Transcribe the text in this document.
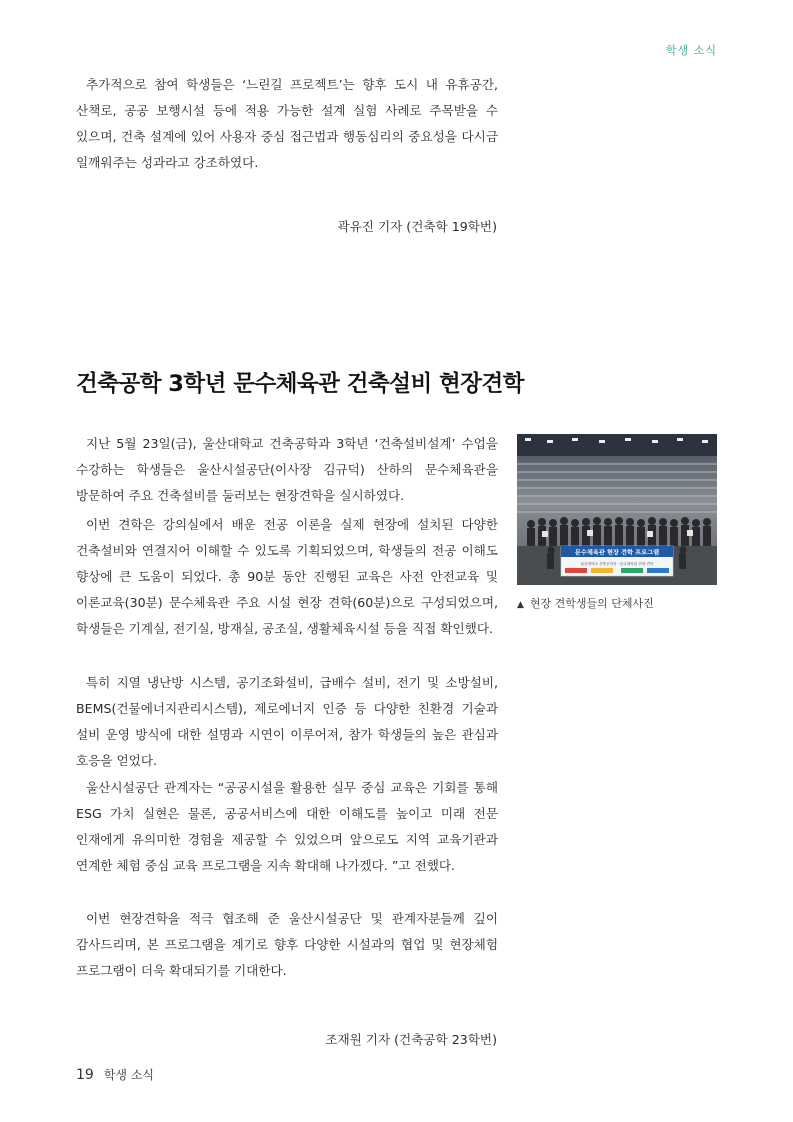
학생 소식

추가적으로 참여 학생들은 ‘느린길 프로젝트’는 향후 도시 내 유휴공간, 산책로, 공공 보행시설 등에 적용 가능한 설계 실험 사례로 주목받을 수 있으며, 건축 설계에 있어 사용자 중심 접근법과 행동심리의 중요성을 다시금 일깨워주는 성과라고 강조하였다.

곽유진 기자 (건축학 19학번)
건축공학 3학년 문수체육관 건축설비 현장견학

지난 5월 23일(금), 울산대학교 건축공학과 3학년 ‘건축설비설계’ 수업을 수강하는 학생들은 울산시설공단(이사장 김규덕) 산하의 문수체육관을 방문하여 주요 건축설비를 둘러보는 현장견학을 실시하였다.

이번 견학은 강의실에서 배운 전공 이론을 실제 현장에 설치된 다양한 건축설비와 연결지어 이해할 수 있도록 기획되었으며, 학생들의 전공 이해도 향상에 큰 도움이 되었다. 총 90분 동안 진행된 교육은 사전 안전교육 및 이론교육(30분) 문수체육관 주요 시설 현장 견학(60분)으로 구성되었으며, 학생들은 기계실, 전기실, 방재실, 공조실, 생활체육시설 등을 직접 확인했다.

특히 지열 냉난방 시스템, 공기조화설비, 급배수 설비, 전기 및 소방설비, BEMS(건물에너지관리시스템), 제로에너지 인증 등 다양한 친환경 기술과 설비 운영 방식에 대한 설명과 시연이 이루어져, 참가 학생들의 높은 관심과 호응을 얻었다.

울산시설공단 관계자는 “공공시설을 활용한 실무 중심 교육은 기회를 통해 ESG 가치 실현은 물론, 공공서비스에 대한 이해도를 높이고 미래 전문 인재에게 유의미한 경험을 제공할 수 있었으며 앞으로도 지역 교육기관과 연계한 체험 중심 교육 프로그램을 지속 확대해 나가겠다. ”고 전했다.

이번 현장견학을 적극 협조해 준 울산시설공단 및 관계자분들께 깊이 감사드리며, 본 프로그램을 계기로 향후 다양한 시설과의 협업 및 현장체험 프로그램이 더욱 확대되기를 기대한다.

조재원 기자 (건축공학 23학번)
문수체육관 현장 견학 프로그램
울산대학교 건축공학과 · 문수체육관 현장 견학
▲ 현장 견학생들의 단체사진
19 학생 소식
